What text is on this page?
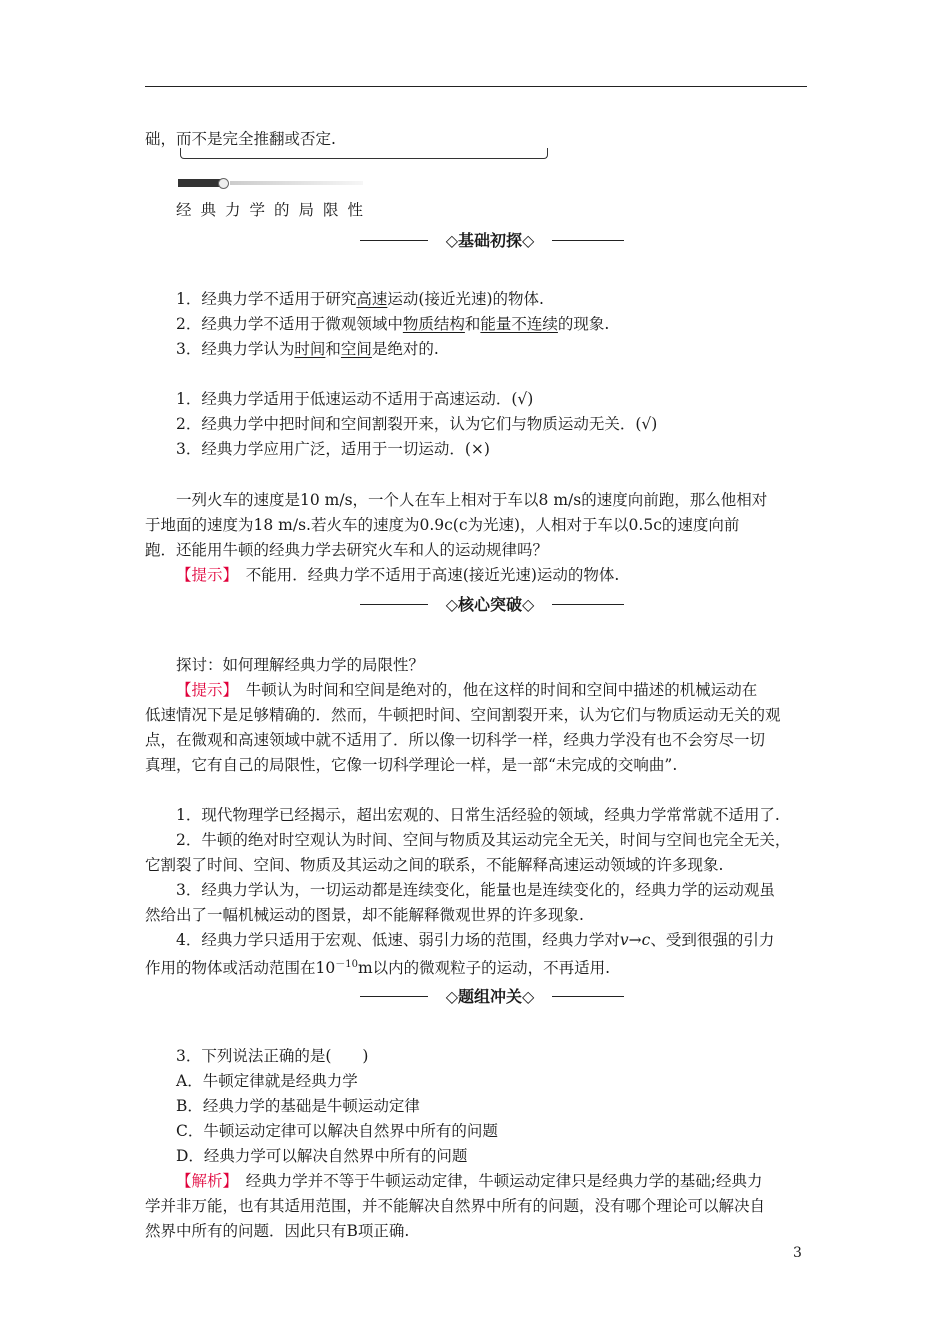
础，而不是完全推翻或否定.
经典力学的局限性
◇基础初探◇
1．经典力学不适用于研究高速运动(接近光速)的物体.
2．经典力学不适用于微观领域中物质结构和能量不连续的现象.
3．经典力学认为时间和空间是绝对的.
1．经典力学适用于低速运动不适用于高速运动．(√)
2．经典力学中把时间和空间割裂开来，认为它们与物质运动无关．(√)
3．经典力学应用广泛，适用于一切运动．(×)
一列火车的速度是10 m/s，一个人在车上相对于车以8 m/s的速度向前跑，那么他相对
于地面的速度为18 m/s.若火车的速度为0.9c(c为光速)，人相对于车以0.5c的速度向前
跑．还能用牛顿的经典力学去研究火车和人的运动规律吗？
【提示】　不能用．经典力学不适用于高速(接近光速)运动的物体.
◇核心突破◇
探讨：如何理解经典力学的局限性？
【提示】　牛顿认为时间和空间是绝对的，他在这样的时间和空间中描述的机械运动在
低速情况下是足够精确的．然而，牛顿把时间、空间割裂开来，认为它们与物质运动无关的观
点，在微观和高速领域中就不适用了．所以像一切科学一样，经典力学没有也不会穷尽一切
真理，它有自己的局限性，它像一切科学理论一样，是一部“未完成的交响曲”.
1．现代物理学已经揭示，超出宏观的、日常生活经验的领域，经典力学常常就不适用了.
2．牛顿的绝对时空观认为时间、空间与物质及其运动完全无关，时间与空间也完全无关，
它割裂了时间、空间、物质及其运动之间的联系，不能解释高速运动领域的许多现象.
3．经典力学认为，一切运动都是连续变化，能量也是连续变化的，经典力学的运动观虽
然给出了一幅机械运动的图景，却不能解释微观世界的许多现象.
4．经典力学只适用于宏观、低速、弱引力场的范围，经典力学对v→c、受到很强的引力
作用的物体或活动范围在$10^{-10}m$以内的微观粒子的运动，不再适用.
◇题组冲关◇
3．下列说法正确的是(　　)
A．牛顿定律就是经典力学
B．经典力学的基础是牛顿运动定律
C．牛顿运动定律可以解决自然界中所有的问题
D．经典力学可以解决自然界中所有的问题
【解析】　经典力学并不等于牛顿运动定律，牛顿运动定律只是经典力学的基础;经典力
学并非万能，也有其适用范围，并不能解决自然界中所有的问题，没有哪个理论可以解决自
然界中所有的问题．因此只有B项正确.
3
